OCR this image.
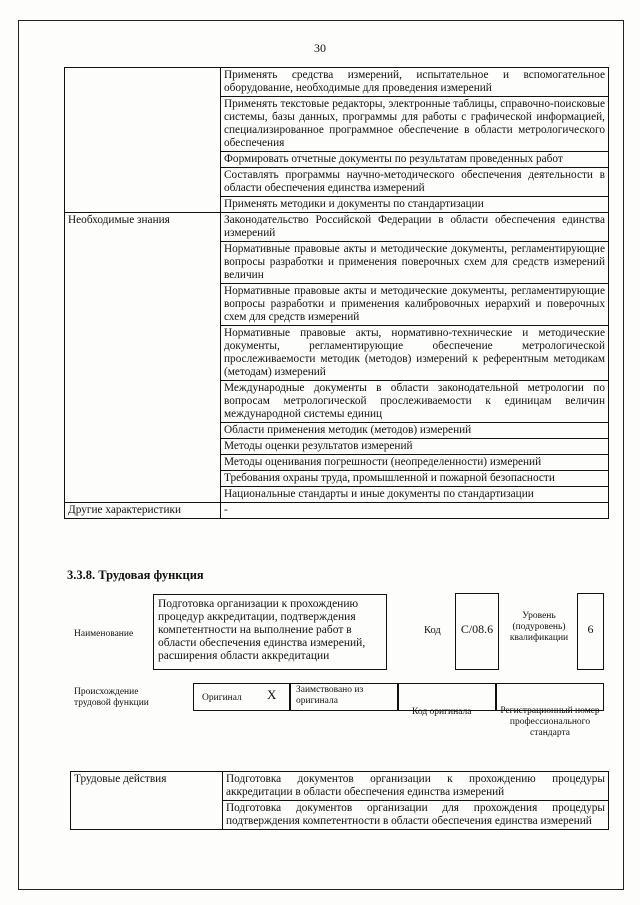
30
	Применять средства измерений, испытательное и вспомогательное оборудование, необходимые для проведения измерений
	Применять текстовые редакторы, электронные таблицы, справочно-поисковые системы, базы данных, программы для работы с графической информацией, специализированное программное обеспечение в области метрологического обеспечения
	Формировать отчетные документы по результатам проведенных работ
	Составлять программы научно-методического обеспечения деятельности в области обеспечения единства измерений
	Применять методики и документы по стандартизации
Необходимые знания	Законодательство Российской Федерации в области обеспечения единства измерений
	Нормативные правовые акты и методические документы, регламентирующие вопросы разработки и применения поверочных схем для средств измерений величин
	Нормативные правовые акты и методические документы, регламентирующие вопросы разработки и применения калибровочных иерархий и поверочных схем для средств измерений
	Нормативные правовые акты, нормативно-технические и методические документы, регламентирующие обеспечение метрологической прослеживаемости методик (методов) измерений к референтным методикам (методам) измерений
	Международные документы в области законодательной метрологии по вопросам метрологической прослеживаемости к единицам величин международной системы единиц
	Области применения методик (методов) измерений
	Методы оценки результатов измерений
	Методы оценивания погрешности (неопределенности) измерений
	Требования охраны труда, промышленной и пожарной безопасности
	Национальные стандарты и иные документы по стандартизации
Другие характеристики	-
3.3.8. Трудовая функция
Наименование
Подготовка организации к прохождению процедур аккредитации, подтверждения компетентности на выполнение работ в области обеспечения единства измерений, расширения области аккредитации
Код	C/08.6
Уровень (подуровень) квалификации
6
Происхождение трудовой функции	Оригинал X Заимствовано из оригинала
Код оригинала	Регистрационный номер профессионального стандарта
Трудовые действия	Подготовка документов организации к прохождению процедуры аккредитации в области обеспечения единства измерений
Подготовка документов организации для прохождения процедуры подтверждения компетентности в области обеспечения единства измерений
